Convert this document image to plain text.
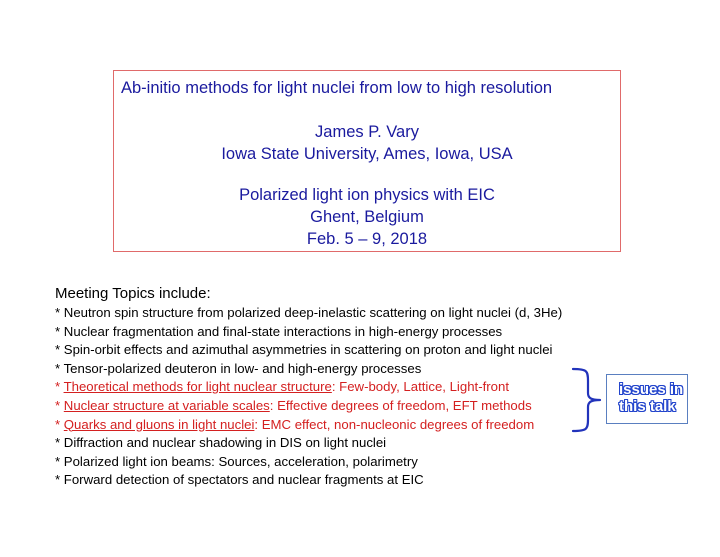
Ab-initio methods for light nuclei from low to high resolution
James P. Vary
Iowa State University, Ames, Iowa, USA
Polarized light ion physics with EIC
Ghent, Belgium
Feb. 5 – 9, 2018
Meeting Topics include:
* Neutron spin structure from polarized deep-inelastic scattering on light nuclei (d, 3He)
* Nuclear fragmentation and final-state interactions in high-energy processes
* Spin-orbit effects and azimuthal asymmetries in scattering on proton and light nuclei
* Tensor-polarized deuteron in low- and high-energy processes
* Theoretical methods for light nuclear structure: Few-body, Lattice, Light-front
* Nuclear structure at variable scales: Effective degrees of freedom, EFT methods
* Quarks and gluons in light nuclei: EMC effect, non-nucleonic degrees of freedom
* Diffraction and nuclear shadowing in DIS on light nuclei
* Polarized light ion beams: Sources, acceleration, polarimetry
* Forward detection of spectators and nuclear fragments at EIC
issues in
this talk
